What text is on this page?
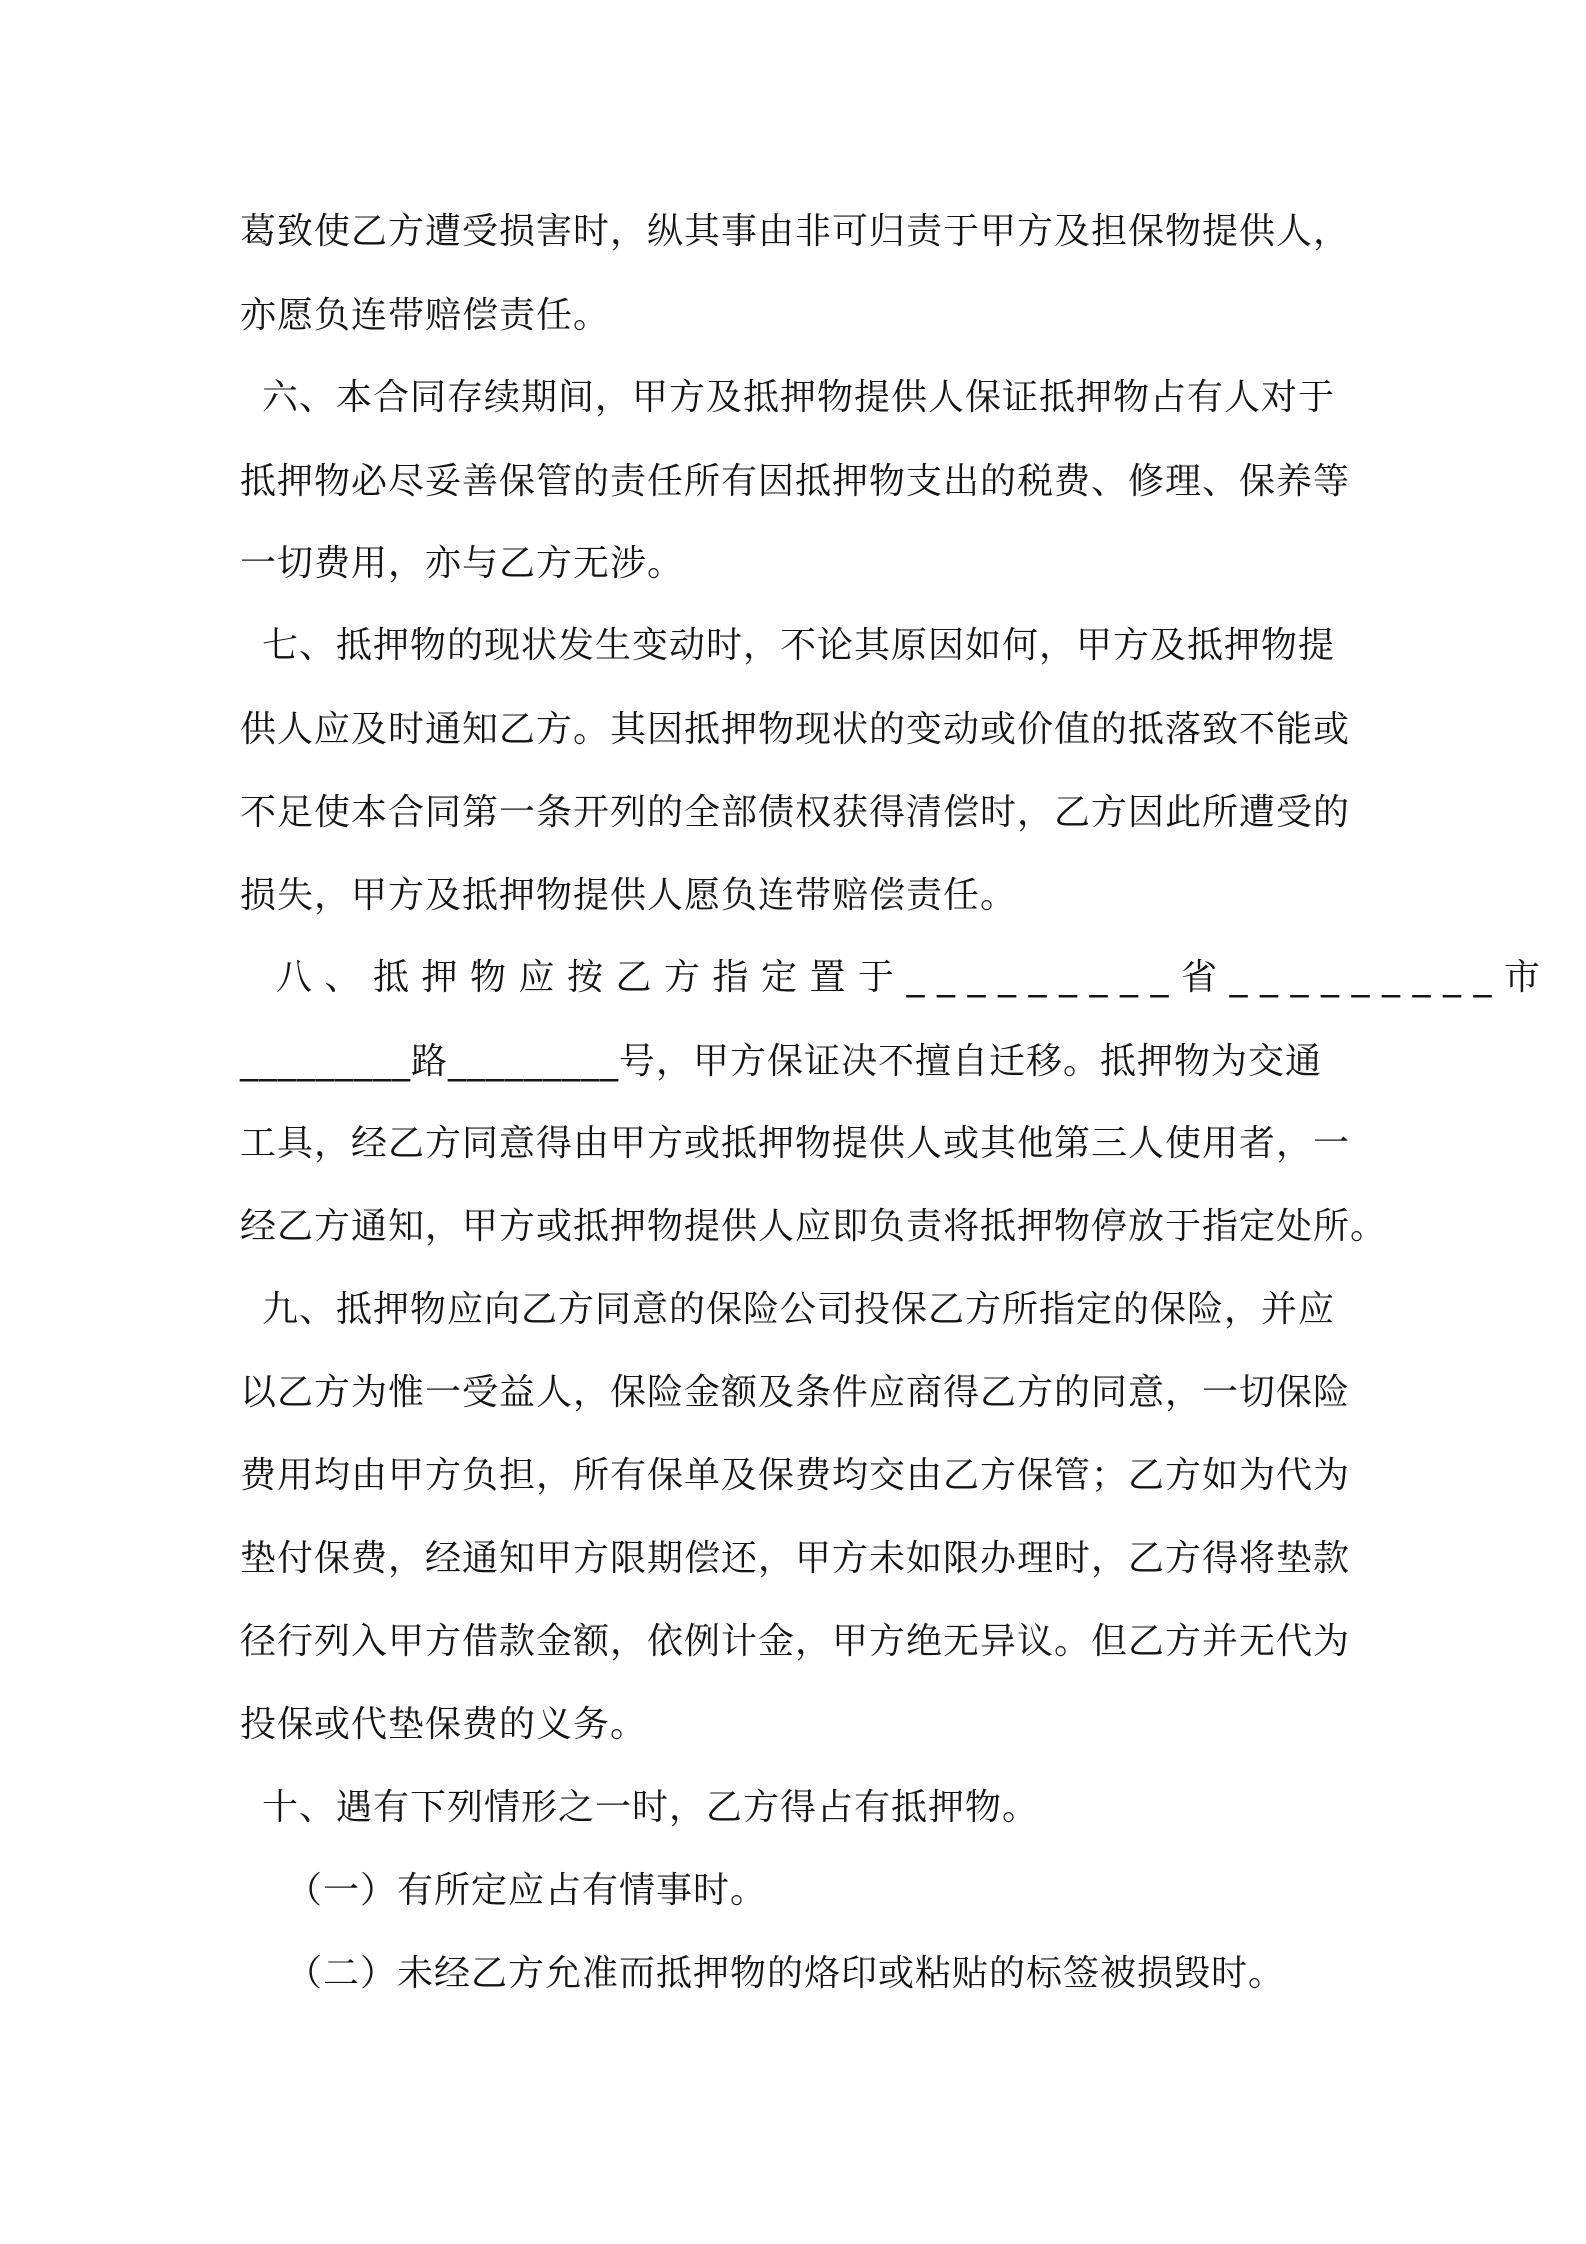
葛致使乙方遭受损害时，纵其事由非可归责于甲方及担保物提供人，
亦愿负连带赔偿责任。
六、本合同存续期间，甲方及抵押物提供人保证抵押物占有人对于
抵押物必尽妥善保管的责任所有因抵押物支出的税费、修理、保养等
一切费用，亦与乙方无涉。
七、抵押物的现状发生变动时，不论其原因如何，甲方及抵押物提
供人应及时通知乙方。其因抵押物现状的变动或价值的抵落致不能或
不足使本合同第一条开列的全部债权获得清偿时，乙方因此所遭受的
损失，甲方及抵押物提供人愿负连带赔偿责任。
八、抵押物应按乙方指定置于_________省_________市
_________路_________号，甲方保证决不擅自迁移。抵押物为交通
工具，经乙方同意得由甲方或抵押物提供人或其他第三人使用者，一
经乙方通知，甲方或抵押物提供人应即负责将抵押物停放于指定处所。
九、抵押物应向乙方同意的保险公司投保乙方所指定的保险，并应
以乙方为惟一受益人，保险金额及条件应商得乙方的同意，一切保险
费用均由甲方负担，所有保单及保费均交由乙方保管；乙方如为代为
垫付保费，经通知甲方限期偿还，甲方未如限办理时，乙方得将垫款
径行列入甲方借款金额，依例计金，甲方绝无异议。但乙方并无代为
投保或代垫保费的义务。
十、遇有下列情形之一时，乙方得占有抵押物。
（一）有所定应占有情事时。
（二）未经乙方允准而抵押物的烙印或粘贴的标签被损毁时。
